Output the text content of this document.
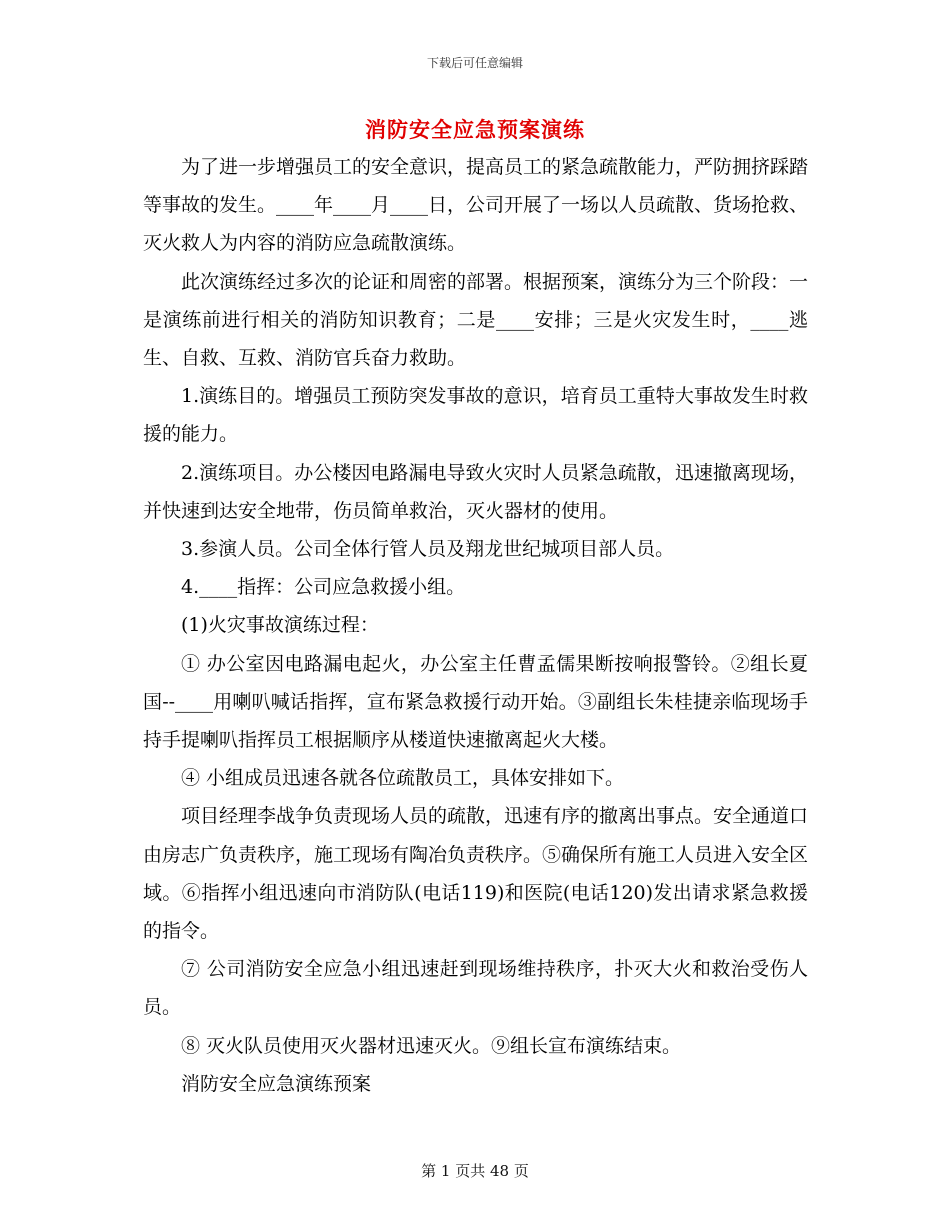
下载后可任意编辑
消防安全应急预案演练

为了进一步增强员工的安全意识，提高员工的紧急疏散能力，严防拥挤踩踏等事故的发生。____年____月____日，公司开展了一场以人员疏散、货场抢救、灭火救人为内容的消防应急疏散演练。

此次演练经过多次的论证和周密的部署。根据预案，演练分为三个阶段：一是演练前进行相关的消防知识教育；二是____安排；三是火灾发生时，____逃生、自救、互救、消防官兵奋力救助。

1.演练目的。增强员工预防突发事故的意识，培育员工重特大事故发生时救援的能力。

2.演练项目。办公楼因电路漏电导致火灾时人员紧急疏散，迅速撤离现场，并快速到达安全地带，伤员简单救治，灭火器材的使用。

3.参演人员。公司全体行管人员及翔龙世纪城项目部人员。

4.____指挥：公司应急救援小组。

(1)火灾事故演练过程：

① 办公室因电路漏电起火，办公室主任曹孟儒果断按响报警铃。②组长夏国--____用喇叭喊话指挥，宣布紧急救援行动开始。③副组长朱桂捷亲临现场手持手提喇叭指挥员工根据顺序从楼道快速撤离起火大楼。

④ 小组成员迅速各就各位疏散员工，具体安排如下。

项目经理李战争负责现场人员的疏散，迅速有序的撤离出事点。安全通道口由房志广负责秩序，施工现场有陶冶负责秩序。⑤确保所有施工人员进入安全区域。⑥指挥小组迅速向市消防队(电话119)和医院(电话120)发出请求紧急救援的指令。

⑦ 公司消防安全应急小组迅速赶到现场维持秩序，扑灭大火和救治受伤人员。

⑧ 灭火队员使用灭火器材迅速灭火。⑨组长宣布演练结束。

消防安全应急演练预案

第 1 页共 48 页
